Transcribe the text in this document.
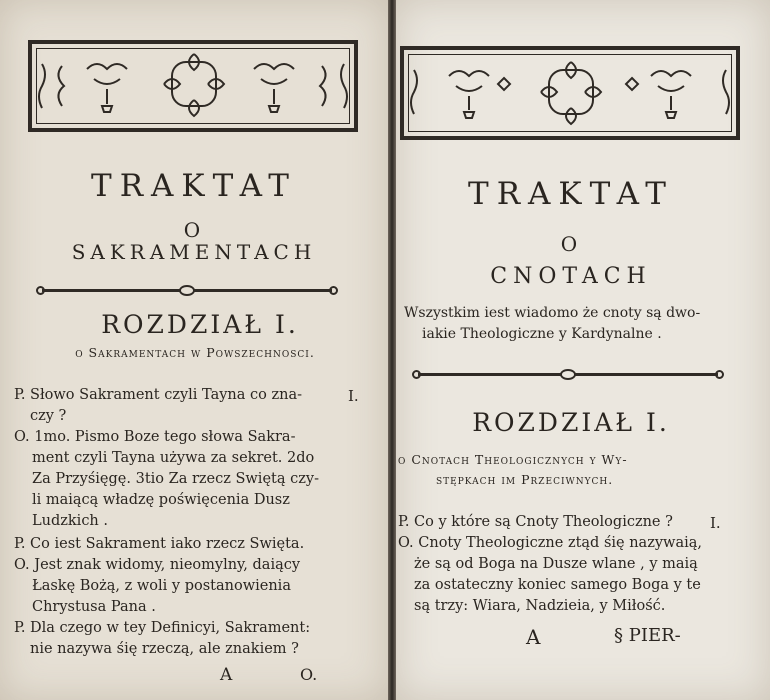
TRAKTAT
O
SAKRAMENTACH
ROZDZIAŁ I.
o Sakramentach w Powszechnosci.
P. Słowo Sakrament czyli Tayna co zna-
czy ?
O. 1mo. Pismo Boze tego słowa Sakra-
ment czyli Tayna używa za sekret. 2do
Za Przyśięgę. 3tio Za rzecz Swiętą czy-
li maiącą władzę poświęcenia Dusz
Ludzkich .
P. Co iest Sakrament iako rzecz Swięta.
O. Jest znak widomy, nieomylny, daiący
Łaskę Bożą, z woli y postanowienia
Chrystusa Pana .
P. Dla czego w tey Definicyi, Sakrament:
nie nazywa śię rzeczą, ale znakiem ?
I.
A	O.
TRAKTAT
O
CNOTACH
Wszystkim iest wiadomo że cnoty są dwo-
iakie Theologiczne y Kardynalne .
ROZDZIAŁ I.
o Cnotach Theologicznych y Wy-
stępkach im Przeciwnych.
P. Co y które są Cnoty Theologiczne ?
O. Cnoty Theologiczne ztąd śię nazywaią,
że są od Boga na Dusze wlane , y maią
za ostateczny koniec samego Boga y te
są trzy: Wiara, Nadzieia, y Miłość.
I.
A	§ PIER-
